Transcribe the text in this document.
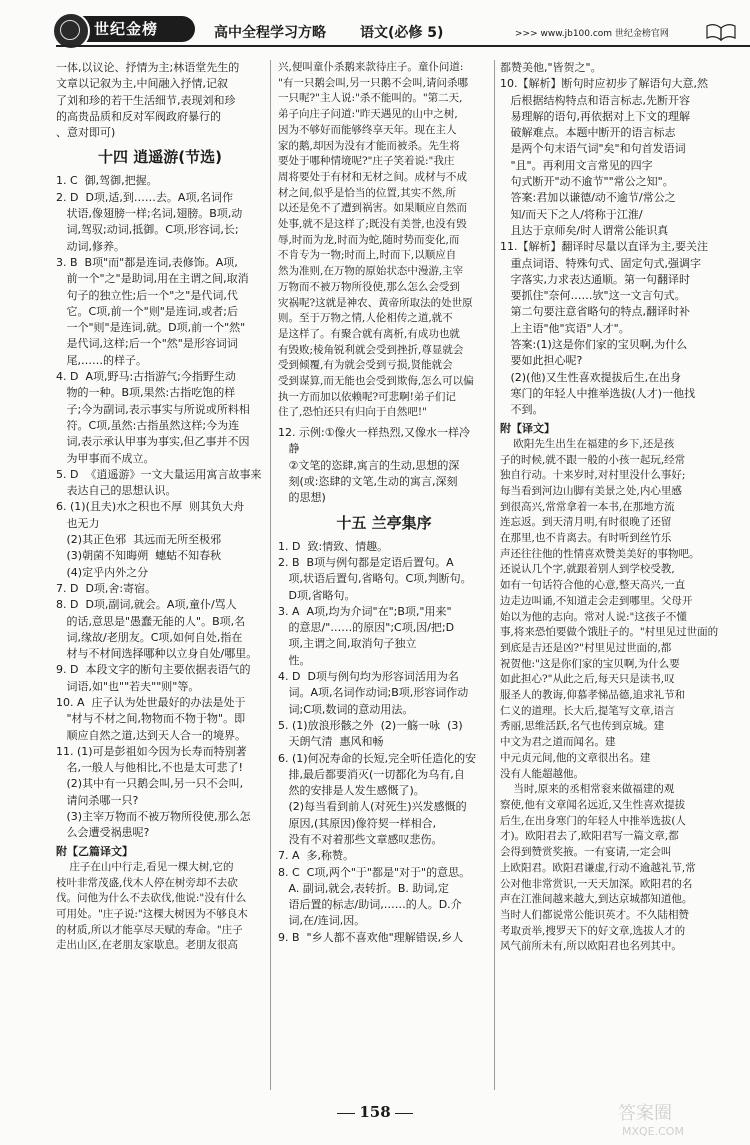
世纪金榜	高中全程学习方略 语文(必修 5)	>>> www.jb100.com 世纪金榜官网

一体,以议论、抒情为主;林语堂先生的
文章以记叙为主,中间融入抒情,记叙
了刘和珍的若干生活细节,表现刘和珍
的高贵品质和反对军阀政府暴行的
、意对即可)

十四 逍遥游(节选)

1. C  御,驾御,把握。
2. D  D项,适,到……去。A项,名词作
状语,像翅膀一样;名词,翅膀。B项,动
词,驾驭;动词,抵御。C项,形容词,长;
动词,修养。
3. B  B项"而"都是连词,表修饰。A项,
前一个"之"是助词,用在主谓之间,取消
句子的独立性;后一个"之"是代词,代
它。C项,前一个"则"是连词,或者;后
一个"则"是连词,就。D项,前一个"然"
是代词,这样;后一个"然"是形容词词
尾,……的样子。
4. D  A项,野马:古指游气;今指野生动
物的一种。B项,果然:古指吃饱的样
子;今为副词,表示事实与所说或所料相
符。C项,虽然:古指虽然这样;今为连
词,表示承认甲事为事实,但乙事并不因
为甲事而不成立。
5. D  《逍遥游》一文大量运用寓言故事来
表达自己的思想认识。
6. (1)(且夫)水之积也不厚  则其负大舟
也无力
(2)其正色邪  其远而无所至极邪
(3)朝菌不知晦朔  蟪蛄不知春秋
(4)定乎内外之分
7. D  D项,舍:寄宿。
8. D  D项,副词,就会。A项,童仆/骂人
的话,意思是"愚蠢无能的人"。B项,名
词,缘故/老朋友。C项,如何自处,指在
材与不材间选择哪种以立身自处/哪里。
9. D  本段文字的断句主要依据表语气的
词语,如"也""若夫""则"等。
10. A  庄子认为处世最好的办法是处于
"材与不材之间,物物而不物于物"。即
顺应自然之道,达到天人合一的境界。
11. (1)可是彭祖如今因为长寿而特别著
名,一般人与他相比,不也是太可悲了!
(2)其中有一只鹅会叫,另一只不会叫,
请问杀哪一只?
(3)主宰万物而不被万物所役使,那么怎
么会遭受祸患呢?

附【乙篇译文】

庄子在山中行走,看见一棵大树,它的
枝叶非常茂盛,伐木人停在树旁却不去砍
伐。问他为什么不去砍伐,他说:"没有什么
可用处。"庄子说:"这棵大树因为不够良木
的材质,所以才能享尽天赋的寿命。"庄子
走出山区,在老朋友家歇息。老朋友很高

兴,便叫童仆杀鹅来款待庄子。童仆问道:
"有一只鹅会叫,另一只鹅不会叫,请问杀哪
一只呢?"主人说:"杀不能叫的。"第二天,
弟子向庄子问道:"昨天遇见的山中之树,
因为不够好而能够终享天年。现在主人
家的鹅,却因为没有才能而被杀。先生将
要处于哪种情境呢?"庄子笑着说:"我庄
周将要处于有材和无材之间。成材与不成
材之间,似乎是恰当的位置,其实不然,所
以还是免不了遭到祸害。如果顺应自然而
处事,就不是这样了;既没有美誉,也没有毁
辱,时而为龙,时而为蛇,随时势而变化,而
不肯专为一物;时而上,时而下,以顺应自
然为准则,在万物的原始状态中漫游,主宰
万物而不被万物所役使,那么怎么会受到
灾祸呢?这就是神农、黄帝所取法的处世原
则。至于万物之情,人伦相传之道,就不
是这样了。有聚合就有离析,有成功也就
有毁败;棱角锐利就会受到挫折,尊显就会
受到倾覆,有为就会受到亏损,贤能就会
受到谋算,而无能也会受到欺侮,怎么可以偏
执一方而加以依赖呢?可悲啊!弟子们记
住了,恐怕还只有归向于自然吧!"

12. 示例:①像火一样热烈,又像水一样冷
静
②文笔的恣肆,寓言的生动,思想的深
刻(或:恣肆的文笔,生动的寓言,深刻
的思想)

十五 兰亭集序

1. D  致:情致、情趣。
2. B  B项与例句都是定语后置句。A
项,状语后置句,省略句。C项,判断句。
D项,省略句。
3. A  A项,均为介词"在";B项,"用来"
的意思/"……的原因";C项,因/把;D
项,主谓之间,取消句子独立
性。
4. D  D项与例句均为形容词活用为名
词。A项,名词作动词;B项,形容词作动
词;C项,数词的意动用法。
5. (1)放浪形骸之外  (2)一觞一咏  (3)
天朗气清  惠风和畅
6. (1)何况寿命的长短,完全听任造化的安
排,最后都要消灭(一切都化为乌有,自
然的安排是人发生感慨了)。
(2)每当看到前人(对死生)兴发感慨的
原因,(其原因)像符契一样相合,
没有不对着那些文章感叹悲伤。
7. A  多,称赞。
8. C  C项,两个"于"都是"对于"的意思。
A. 副词,就会,表转折。B. 助词,定
语后置的标志/助词,……的人。D.介
词,在/连词,因。
9. B  "乡人都不喜欢他"理解错误,乡人

都赞美他,"皆贺之"。
10.【解析】断句时应初步了解语句大意,然
后根据结构特点和语言标志,先断开容
易理解的语句,再依据对上下文的理解
破解难点。本题中断开的语言标志
是两个句末语气词"矣"和句首发语词
"且"。再利用文言常见的四字
句式断开"动不逾节""常公之知"。
答案:君加以谦德/动不逾节/常公之
知/而天下之人/将称于江淮/
且达于京师矣/时人谓常公能识真
11.【解析】翻译时尽量以直译为主,要关注
重点词语、特殊句式、固定句式,强调字
字落实,力求表达通顺。第一句翻译时
要抓住"奈何……欤"这一文言句式。
第二句要注意省略句的特点,翻译时补
上主语"他"宾语"人才"。
答案:(1)这是你们家的宝贝啊,为什么
要如此担心呢?
(2)(他)又生性喜欢提拔后生,在出身
寒门的年轻人中推举选拔(人才)一他找
不到。

附【译文】

欧阳先生出生在福建的乡下,还是孩
子的时候,就不跟一般的小孩一起玩,经常
独自行动。十来岁时,对村里没什么事好;
每当看到河边山脚有美景之处,内心里感
到很高兴,常常拿着一本书,在那地方流
连忘返。到天清月明,有时很晚了还留
在那里,也不肯离去。有时听到丝竹乐
声还往往他的性情喜欢赞美美好的事物吧。
还说认几个字,就跟着别人到学校受教,
如有一句话符合他的心意,整天高兴,一直
边走边叫诵,不知道走会走到哪里。父母开
始以为他的志向。常对人说:"这孩子不懂
事,将来恐怕要做个饿肚子的。"村里见过世面的
到底是吉还是凶?"村里见过世面的,都
祝贺他:"这是你们家的宝贝啊,为什么要
如此担心?"从此之后,每天只是读书,叹
服圣人的教诲,仰慕孝悌品德,追求礼节和
仁义的道理。长大后,提笔写文章,语言
秀丽,思维活跃,名气也传到京城。建
中文为君之道而闻名。建
中元贞元间,他的文章很出名。建
没有人能超越他。
当时,原来的丞相常衮来做福建的观
察使,他有文章闻名远近,又生性喜欢提拔
后生,在出身寒门的年轻人中推举选拔(人
才)。欧阳君去了,欧阳君写一篇文章,都
会得到赞赏奖掖。一有宴请,一定会叫
上欧阳君。欧阳君谦虚,行动不逾越礼节,常
公对他非常赏识,一天天加深。欧阳君的名
声在江淮间越来越大,到达京城都知道他。
当时人们都说常公能识英才。不久陆相赞
考取贡举,搜罗天下的好文章,选拔人才的
风气前所未有,所以欧阳君也名列其中。

158	答案圈
MXQE.COM
